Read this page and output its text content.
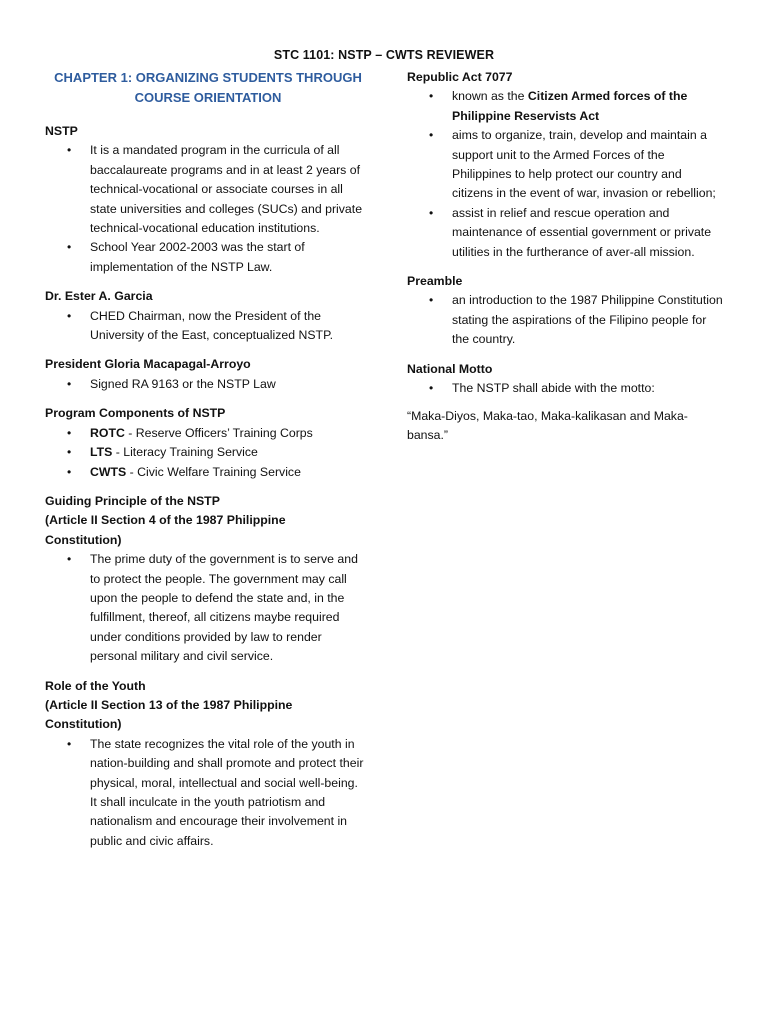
STC 1101: NSTP – CWTS REVIEWER
CHAPTER 1: ORGANIZING STUDENTS THROUGH COURSE ORIENTATION
NSTP
• It is a mandated program in the curricula of all baccalaureate programs and in at least 2 years of technical-vocational or associate courses in all state universities and colleges (SUCs) and private technical-vocational education institutions.
• School Year 2002-2003 was the start of implementation of the NSTP Law.
Dr. Ester A. Garcia
• CHED Chairman, now the President of the University of the East, conceptualized NSTP.
President Gloria Macapagal-Arroyo
• Signed RA 9163 or the NSTP Law
Program Components of NSTP
• ROTC - Reserve Officers’ Training Corps
• LTS - Literacy Training Service
• CWTS - Civic Welfare Training Service
Guiding Principle of the NSTP
(Article II Section 4 of the 1987 Philippine Constitution)
• The prime duty of the government is to serve and to protect the people. The government may call upon the people to defend the state and, in the fulfillment, thereof, all citizens maybe required under conditions provided by law to render personal military and civil service.
Role of the Youth
(Article II Section 13 of the 1987 Philippine Constitution)
• The state recognizes the vital role of the youth in nation-building and shall promote and protect their physical, moral, intellectual and social well-being. It shall inculcate in the youth patriotism and nationalism and encourage their involvement in public and civic affairs.
Republic Act 7077
• known as the Citizen Armed forces of the Philippine Reservists Act
• aims to organize, train, develop and maintain a support unit to the Armed Forces of the Philippines to help protect our country and citizens in the event of war, invasion or rebellion;
• assist in relief and rescue operation and maintenance of essential government or private utilities in the furtherance of aver-all mission.
Preamble
• an introduction to the 1987 Philippine Constitution stating the aspirations of the Filipino people for the country.
National Motto
• The NSTP shall abide with the motto:
“Maka-Diyos, Maka-tao, Maka-kalikasan and Maka-bansa.”
